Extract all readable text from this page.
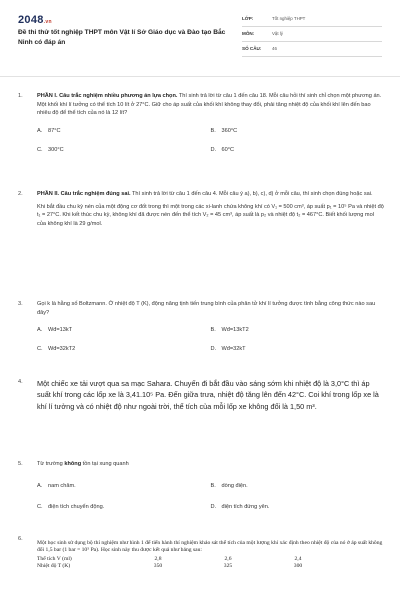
2048.vn
Đề thi thử tốt nghiệp THPT môn Vật lí Sở Giáo dục và Đào tạo Bắc Ninh có đáp án
LỚP:	Tốt nghiệp THPT
MÔN:	Vật lý
SỐ CÂU:	46
1.	PHẦN I. Câu trắc nghiệm nhiều phương án lựa chọn. Thí sinh trả lời từ câu 1 đến câu 18. Mỗi câu hỏi thí sinh chỉ chọn một phương án. Một khối khí lí tưởng có thể tích 10 lít ở 27°C. Giữ cho áp suất của khối khí không thay đổi, phải tăng nhiệt độ của khối khí lên đến bao nhiêu độ để thể tích của nó là 12 lít?
A. 87°C	B. 360°C
C. 300°C	D. 60°C
2.	PHẦN II. Câu trắc nghiệm đúng sai. Thí sinh trả lời từ câu 1 đến câu 4. Mỗi câu ý a), b), c), d) ở mỗi câu, thí sinh chọn đúng hoặc sai.
Khi bắt đầu chu kỳ nén của một động cơ đốt trong thì một trong các xi-lanh chứa không khí có V₁ = 500 cm³, áp suất p₁ = 10⁵ Pa và nhiệt độ t₁ = 27°C. Khi kết thúc chu kỳ, không khí đã được nén đến thể tích V₂ = 45 cm³, áp suất là p₂ và nhiệt độ t₂ = 467°C. Biết khối lượng mol của không khí là 29 g/mol.
3.	Gọi k là hằng số Boltzmann. Ở nhiệt độ T (K), động năng tịnh tiến trung bình của phân tử khí lí tưởng được tính bằng công thức nào sau đây?
A. Wđ=13kT	B. Wđ=13kT2
C. Wđ=32kT2	D. Wđ=32kT
4. Một chiếc xe tải vượt qua sa mạc Sahara. Chuyến đi bắt đầu vào sáng sớm khi nhiệt độ là 3,0°C thì áp suất khí trong các lốp xe là 3,41.10⁵ Pa. Đến giữa trưa, nhiệt độ tăng lên đến 42°C. Coi khí trong lốp xe là khí lí tưởng và có nhiệt độ như ngoài trời, thể tích của mỗi lốp xe không đổi là 1,50 m³.
5.	Từ trường không tồn tại xung quanh
A. nam châm.	B. dòng điện.
C. điện tích chuyển động.	D. điện tích đứng yên.
6.
Một học sinh sử dụng bộ thí nghiệm như hình 1 để tiến hành thí nghiệm khảo sát thể tích của một lượng khí xác định theo nhiệt độ của nó ở áp suất không đổi 1,5 bar (1 bar = 10⁵ Pa). Học sinh này thu được kết quả như bảng sau:
Thể tích V (ml)	2,8	2,6	2,4
Nhiệt độ T (K)	350	325	300
